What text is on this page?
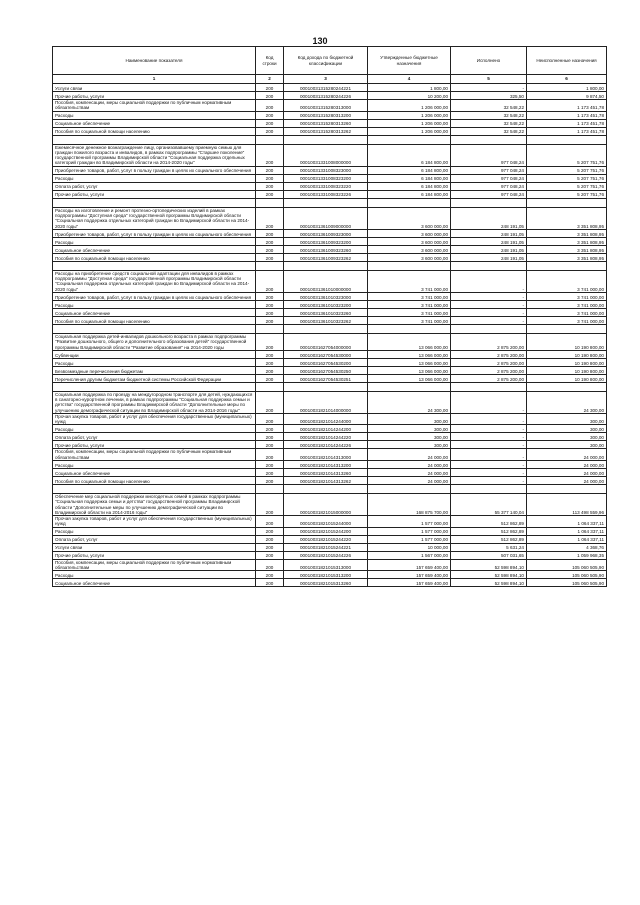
130
Наименование показателя	Код строки	Код дохода по бюджетной классификации	Утвержденные бюджетные назначения	Исполнено	Неисполненные назначения
1	2	3	4	5	6
Услуги связи	200	00010031315280244221	1 800,00	-	1 800,00
Прочие работы, услуги	200	00010031315280244226	10 200,00	325,50	9 874,50
Пособия, компенсации, меры социальной поддержки по публичным нормативным обязательствам	200	00010031315280313000	1 206 000,00	32 548,22	1 173 451,78
Расходы	200	00010031315280313200	1 206 000,00	32 548,22	1 173 451,78
Социальное обеспечение	200	00010031315280313260	1 206 000,00	32 548,22	1 173 451,78
Пособия по социальной помощи населению	200	00010031315280313262	1 206 000,00	32 548,22	1 173 451,78

Ежемесячное денежное вознаграждение лицу, организовавшему приемную семью для граждан пожилого возраста и инвалидов, в рамках подпрограммы "Старшее поколение" государственной программы Владимирской области "Социальная поддержка отдельных категорий граждан во Владимирской области на 2014-2020 годы"	200	00010031331008000000	6 184 800,00	977 048,24	5 207 751,76
Приобретение товаров, работ, услуг в пользу граждан в целях их социального обеспечения	200	00010031331008323000	6 184 800,00	977 048,24	5 207 751,76
Расходы	200	00010031331008323200	6 184 800,00	977 048,24	5 207 751,76
Оплата работ, услуг	200	00010031331008323220	6 184 800,00	977 048,24	5 207 751,76
Прочие работы, услуги	200	00010031331008323226	6 184 800,00	977 048,24	5 207 751,76

Расходы на изготовление и ремонт протезно-ортопедических изделий в рамках подпрограммы "Доступная среда" государственной программы Владимирской области "Социальная поддержка отдельных категорий граждан во Владимирской области на 2014-2020 годы"	200	00010031361009000000	3 600 000,00	248 191,05	3 351 808,95
Приобретение товаров, работ, услуг в пользу граждан в целях их социального обеспечения	200	00010031361009323000	3 600 000,00	248 191,05	3 351 808,95
Расходы	200	00010031361009323200	3 600 000,00	248 191,05	3 351 808,95
Социальное обеспечение	200	00010031361009323260	3 600 000,00	248 191,05	3 351 808,95
Пособия по социальной помощи населению	200	00010031361009323262	3 600 000,00	248 191,05	3 351 808,95

Расходы на приобретение средств социальной адаптации для инвалидов в рамках подпрограммы "Доступная среда" государственной программы Владимирской области "Социальная поддержка отдельных категорий граждан во Владимирской области на 2014-2020 годы"	200	00010031361010000000	3 741 000,00	-	3 741 000,00
Приобретение товаров, работ, услуг в пользу граждан в целях их социального обеспечения	200	00010031361010323000	3 741 000,00	-	3 741 000,00
Расходы	200	00010031361010323200	3 741 000,00	-	3 741 000,00
Социальное обеспечение	200	00010031361010323260	3 741 000,00	-	3 741 000,00
Пособия по социальной помощи населению	200	00010031361010323262	3 741 000,00	-	3 741 000,00

Социальная поддержка детей-инвалидов дошкольного возраста в рамках подпрограммы "Развитие дошкольного, общего и дополнительного образования детей" государственной программы Владимирской области "Развитие образования" на 2014-2020 годы	200	00010031627054000000	13 066 000,00	2 875 200,00	10 190 800,00
Субвенции	200	00010031627054530000	13 066 000,00	2 875 200,00	10 190 800,00
Расходы	200	00010031627054530200	13 066 000,00	2 875 200,00	10 190 800,00
Безвозмездные перечисления бюджетам	200	00010031627054530250	13 066 000,00	2 875 200,00	10 190 800,00
Перечисления другим бюджетам бюджетной системы Российской Федерации	200	00010031627054530251	13 066 000,00	2 875 200,00	10 190 800,00

Социальная поддержка по проезду на междугородном транспорте для детей, нуждающихся в санаторно-курортном лечении, в рамках подпрограммы "Социальная поддержка семьи и детства" государственной программы Владимирской области "Дополнительные меры по улучшению демографической ситуации во Владимирской области на 2014-2016 годы"	200	00010031821014000000	24 300,00	-	24 300,00
Прочая закупка товаров, работ и услуг для обеспечения государственных (муниципальных) нужд	200	00010031821014244000	300,00	-	300,00
Расходы	200	00010031821014244200	300,00	-	300,00
Оплата работ, услуг	200	00010031821014244220	300,00	-	300,00
Прочие работы, услуги	200	00010031821014244226	300,00	-	300,00
Пособия, компенсации, меры социальной поддержки по публичным нормативным обязательствам	200	00010031821014313000	24 000,00	-	24 000,00
Расходы	200	00010031821014313200	24 000,00	-	24 000,00
Социальное обеспечение	200	00010031821014313260	24 000,00	-	24 000,00
Пособия по социальной помощи населению	200	00010031821014313262	24 000,00	-	24 000,00

Обеспечение мер социальной поддержки многодетных семей в рамках подпрограммы "Социальная поддержка семьи и детства" государственной программы Владимирской области "Дополнительные меры по улучшению демографической ситуации во Владимирской области на 2014-2016 годы"	200	00010031821015000000	168 875 700,00	55 377 140,04	113 498 559,96
Прочая закупка товаров, работ и услуг для обеспечения государственных (муниципальных) нужд	200	00010031821015244000	1 577 000,00	512 862,89	1 064 337,11
Расходы	200	00010031821015244200	1 577 000,00	512 862,89	1 064 337,11
Оплата работ, услуг	200	00010031821015244220	1 577 000,00	512 862,89	1 064 337,11
Услуги связи	200	00010031821015244221	10 000,00	5 631,24	4 368,76
Прочие работы, услуги	200	00010031821015244226	1 567 000,00	507 031,65	1 059 968,35
Пособия, компенсации, меры социальной поддержки по публичным нормативным обязательствам	200	00010031821015313000	157 659 400,00	52 598 894,10	105 060 505,90
Расходы	200	00010031821015313200	157 659 400,00	52 598 894,10	105 060 505,90
Социальное обеспечение	200	00010031821015313260	157 659 400,00	52 598 894,10	105 060 505,90
